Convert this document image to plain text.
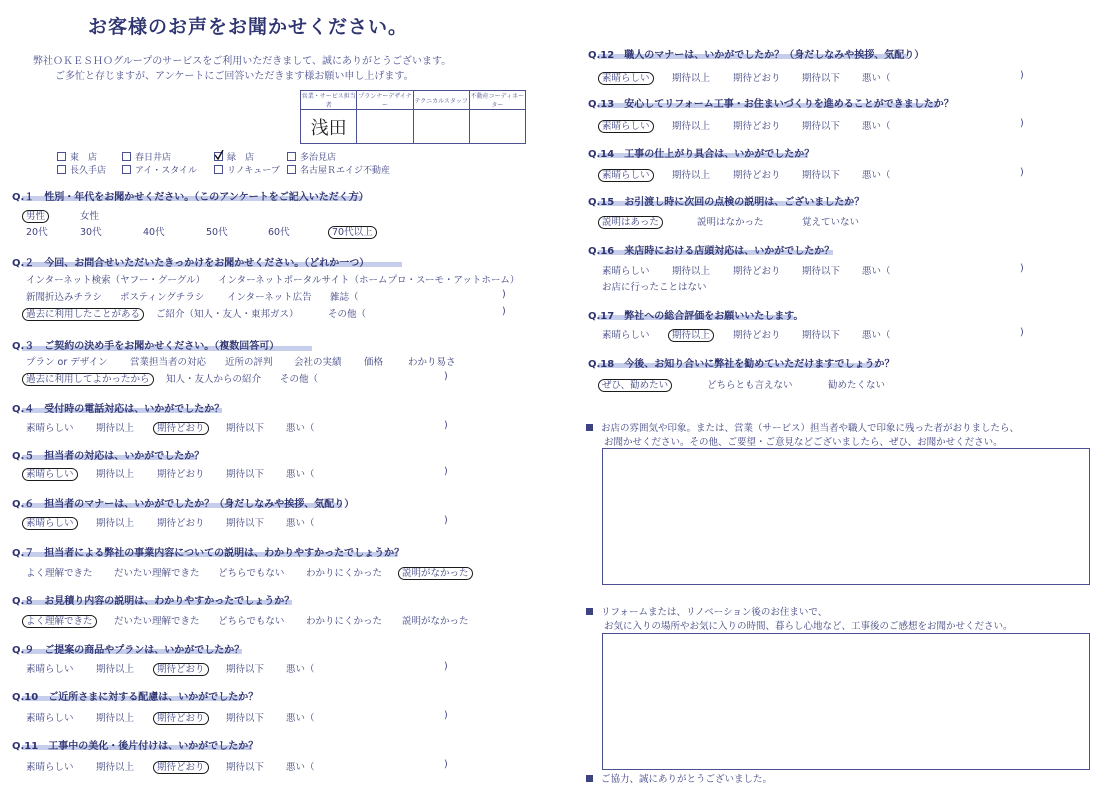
お客様のお声をお聞かせください。
弊社ＯＫＥＳＨＯグループのサービスをご利用いただきまして、誠にありがとうございます。
ご多忙と存じますが、アンケートにご回答いただきます様お願い申し上げます。
営業・サービス担当者	プランナーデザイナー	テクニカルスタッフ	不動産コーディネーター
浅田			
東　店	春日井店	緑　店	多治見店
長久手店	アイ・スタイル	リノキューブ	名古屋Ｒエイジ不動産
Q.１　性別・年代をお聞かせください。（このアンケートをご記入いただく方）
男性	女性
20代	30代	40代	50代	60代	70代以上
Q.２　今回、お問合せいただいたきっかけをお聞かせください。（どれか一つ）
インターネット検索（ヤフー・グーグル） インターネットポータルサイト（ホームプロ・スーモ・アットホーム）
新聞折込みチラシ ポスティングチラシ インターネット広告 雑誌（	)
過去に利用したことがある	ご紹介（知人・友人・東邦ガス）	その他（	)
Q.３　ご契約の決め手をお聞かせください。（複数回答可）
プラン or デザイン 営業担当者の対応 近所の評判 会社の実績 価格	わかり易さ
過去に利用してよかったから	知人・友人からの紹介 その他（	)
Q.４　受付時の電話対応は、いかがでしたか？
素晴らしい 期待以上 期待どおり	期待以下 悪い（	)
Q.５　担当者の対応は、いかがでしたか？
素晴らしい	期待以上 期待どおり 期待以下 悪い（	)
Q.６　担当者のマナーは、いかがでしたか？（身だしなみや挨拶、気配り）
素晴らしい	期待以上 期待どおり 期待以下 悪い（	)
Q.７　担当者による弊社の事業内容についての説明は、わかりやすかったでしょうか？
よく理解できた だいたい理解できた どちらでもない わかりにくかった 説明がなかった
Q.８　お見積り内容の説明は、わかりやすかったでしょうか？
よく理解できた	だいたい理解できた どちらでもない わかりにくかった 説明がなかった
Q.９　ご提案の商品やプランは、いかがでしたか？
素晴らしい 期待以上 期待どおり	期待以下 悪い（	)
Q.10　ご近所さまに対する配慮は、いかがでしたか？
素晴らしい 期待以上 期待どおり	期待以下 悪い（	)
Q.11　工事中の美化・後片付けは、いかがでしたか？
素晴らしい 期待以上 期待どおり	期待以下 悪い（	)
Q.12　職人のマナーは、いかがでしたか？（身だしなみや挨拶、気配り）
素晴らしい	期待以上 期待どおり 期待以下 悪い（	)
Q.13　安心してリフォーム工事・お住まいづくりを進めることができましたか？
素晴らしい	期待以上 期待どおり 期待以下 悪い（	)
Q.14　工事の仕上がり具合は、いかがでしたか？
素晴らしい	期待以上 期待どおり 期待以下 悪い（	)
Q.15　お引渡し時に次回の点検の説明は、ございましたか？
説明はあった	説明はなかった	覚えていない
Q.16　来店時における店頭対応は、いかがでしたか？
素晴らしい 期待以上 期待どおり 期待以下 悪い（	)
お店に行ったことはない
Q.17　弊社への総合評価をお願いいたします。
素晴らしい 期待以上	期待どおり 期待以下 悪い（	)
Q.18　今後、お知り合いに弊社を勧めていただけますでしょうか？
ぜひ、勧めたい	どちらとも言えない	勧めたくない
お店の雰囲気や印象。または、営業（サービス）担当者や職人で印象に残った者がおりましたら、
お聞かせください。その他、ご要望・ご意見などございましたら、ぜひ、お聞かせください。
リフォームまたは、リノベーション後のお住まいで、
お気に入りの場所やお気に入りの時間、暮らし心地など、工事後のご感想をお聞かせください。
ご協力、誠にありがとうございました。
